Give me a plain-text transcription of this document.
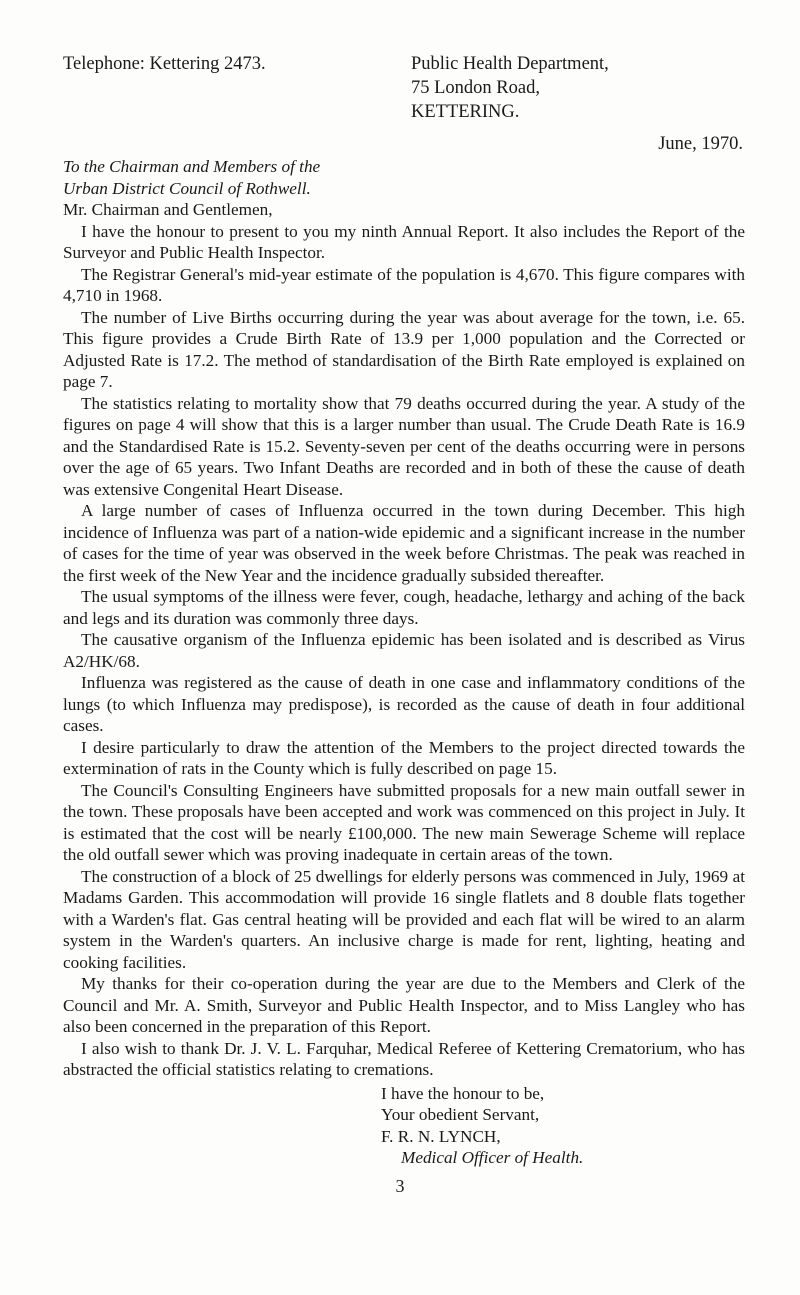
Telephone: Kettering 2473.	Public Health Department,
75 London Road,
KETTERING.
June, 1970.
To the Chairman and Members of the
Urban District Council of Rothwell.
Mr. Chairman and Gentlemen,

I have the honour to present to you my ninth Annual Report. It also includes the Report of the Surveyor and Public Health Inspector.

The Registrar General's mid-year estimate of the population is 4,670. This figure compares with 4,710 in 1968.

The number of Live Births occurring during the year was about average for the town, i.e. 65. This figure provides a Crude Birth Rate of 13.9 per 1,000 population and the Corrected or Adjusted Rate is 17.2. The method of standardisation of the Birth Rate employed is explained on page 7.

The statistics relating to mortality show that 79 deaths occurred during the year. A study of the figures on page 4 will show that this is a larger number than usual. The Crude Death Rate is 16.9 and the Standardised Rate is 15.2. Seventy-seven per cent of the deaths occurring were in persons over the age of 65 years. Two Infant Deaths are recorded and in both of these the cause of death was extensive Congenital Heart Disease.

A large number of cases of Influenza occurred in the town during December. This high incidence of Influenza was part of a nation-wide epidemic and a significant increase in the number of cases for the time of year was observed in the week before Christmas. The peak was reached in the first week of the New Year and the incidence gradually subsided thereafter.

The usual symptoms of the illness were fever, cough, headache, lethargy and aching of the back and legs and its duration was commonly three days.

The causative organism of the Influenza epidemic has been isolated and is described as Virus A2/HK/68.

Influenza was registered as the cause of death in one case and inflammatory conditions of the lungs (to which Influenza may predispose), is recorded as the cause of death in four additional cases.

I desire particularly to draw the attention of the Members to the project directed towards the extermination of rats in the County which is fully described on page 15.

The Council's Consulting Engineers have submitted proposals for a new main outfall sewer in the town. These proposals have been accepted and work was commenced on this project in July. It is estimated that the cost will be nearly £100,000. The new main Sewerage Scheme will replace the old outfall sewer which was proving inadequate in certain areas of the town.

The construction of a block of 25 dwellings for elderly persons was commenced in July, 1969 at Madams Garden. This accommodation will provide 16 single flatlets and 8 double flats together with a Warden's flat. Gas central heating will be provided and each flat will be wired to an alarm system in the Warden's quarters. An inclusive charge is made for rent, lighting, heating and cooking facilities.

My thanks for their co-operation during the year are due to the Members and Clerk of the Council and Mr. A. Smith, Surveyor and Public Health Inspector, and to Miss Langley who has also been concerned in the preparation of this Report.

I also wish to thank Dr. J. V. L. Farquhar, Medical Referee of Kettering Crematorium, who has abstracted the official statistics relating to cremations.

I have the honour to be,
Your obedient Servant,
F. R. N. LYNCH,
Medical Officer of Health.
3
